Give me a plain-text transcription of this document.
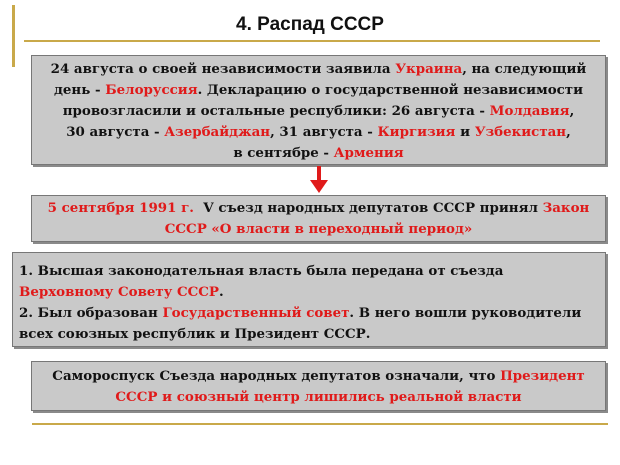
4. Распад СССР
24 августа о своей независимости заявила Украина, на следующий
день - Белоруссия. Декларацию о государственной независимости
провозгласили и остальные республики: 26 августа - Молдавия,
30 августа - Азербайджан, 31 августа - Киргизия и Узбекистан,
в сентябре - Армения
5 сентября 1991 г.  V съезд народных депутатов СССР принял Закон
СССР «О власти в переходный период»
1. Высшая законодательная власть была передана от съезда
Верховному Совету СССР.
2. Был образован Государственный совет. В него вошли руководители
всех союзных республик и Президент СССР.
Самороспуск Съезда народных депутатов означали, что Президент
СССР и союзный центр лишились реальной власти
